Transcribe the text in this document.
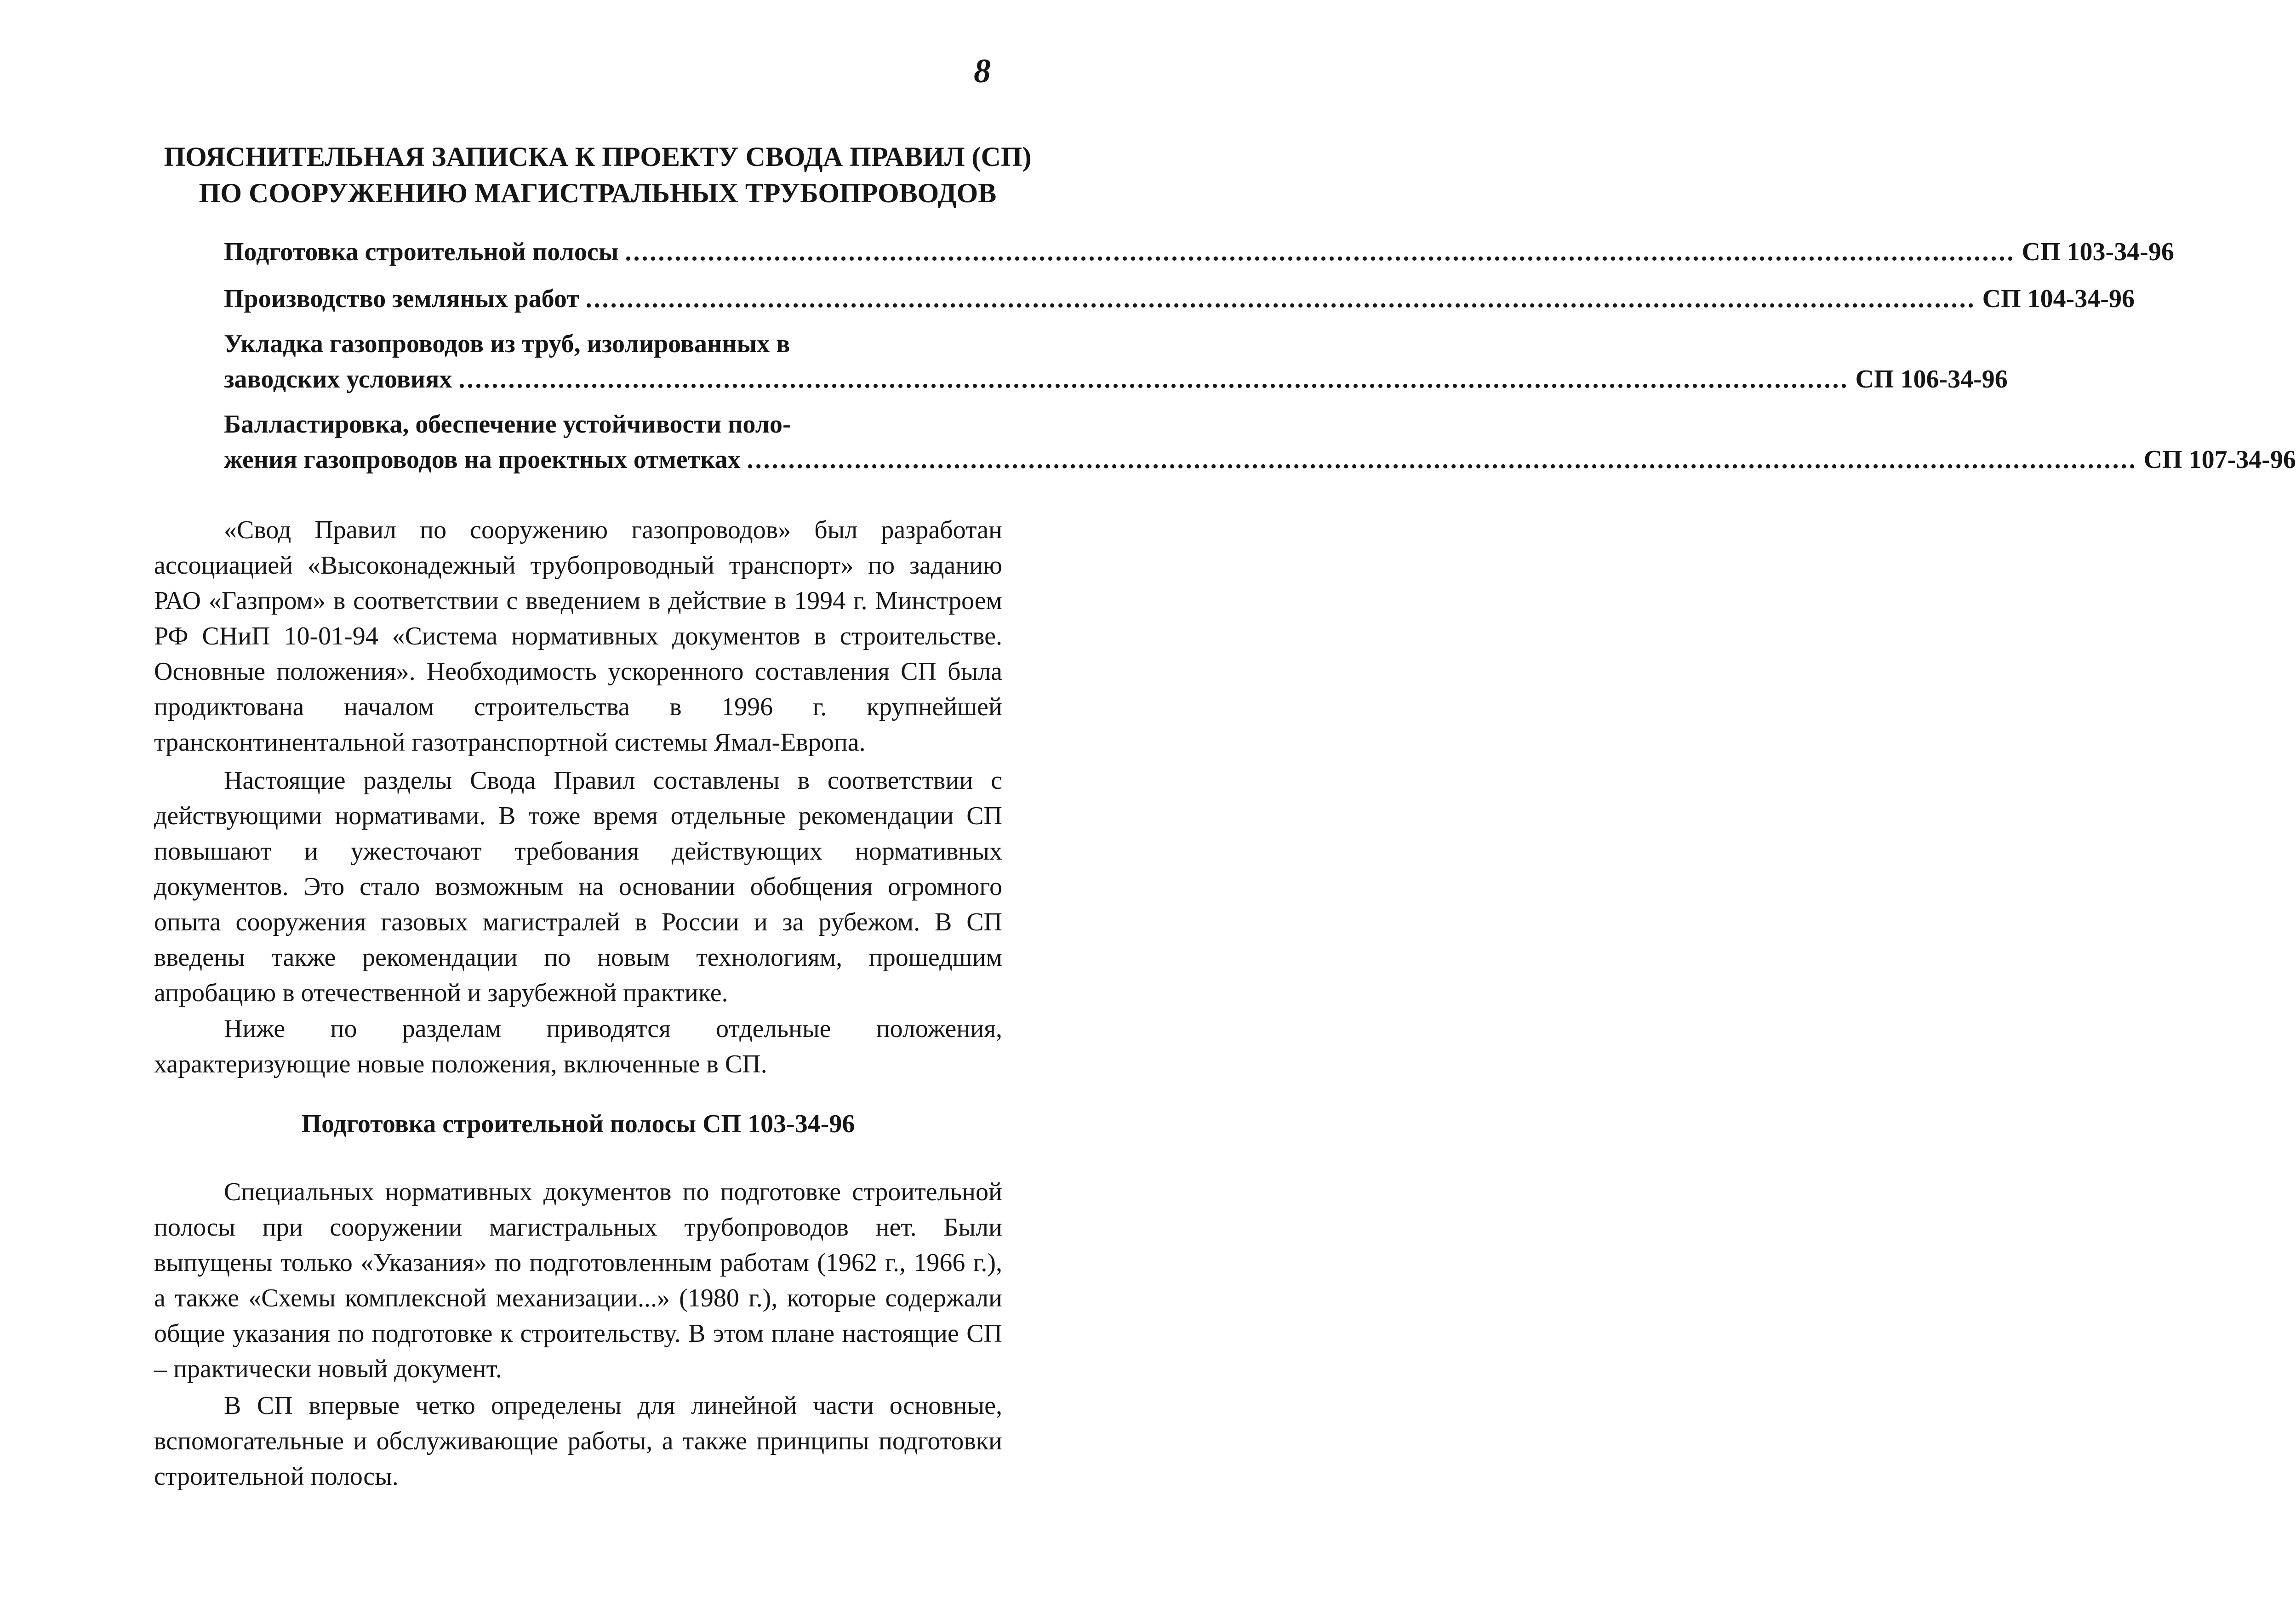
8
ПОЯСНИТЕЛЬНАЯ ЗАПИСКА К ПРОЕКТУ СВОДА ПРАВИЛ (СП)
ПО СООРУЖЕНИЮ МАГИСТРАЛЬНЫХ ТРУБОПРОВОДОВ
Подготовка строительной полосы ........................................................................................................................................................................ СП 103-34-96
Производство земляных работ ........................................................................................................................................................................ СП 104-34-96
Укладка газопроводов из труб, изолированных в
заводских условиях ........................................................................................................................................................................ СП 106-34-96
Балластировка, обеспечение устойчивости поло-
жения газопроводов на проектных отметках ........................................................................................................................................................................ СП 107-34-96
«Свод Правил по сооружению газопроводов» был разработан ассоциацией «Высоконадежный трубопроводный транспорт» по заданию РАО «Газпром» в соответствии с введением в действие в 1994 г. Минстроем РФ СНиП 10-01-94 «Система нормативных документов в строительстве. Основные положения». Необходимость ускоренного составления СП была продиктована началом строительства в 1996 г. крупнейшей трансконтинентальной газотранспортной системы Ямал-Европа.
Настоящие разделы Свода Правил составлены в соответствии с действующими нормативами. В тоже время отдельные рекомендации СП повышают и ужесточают требования действующих нормативных документов. Это стало возможным на основании обобщения огромного опыта сооружения газовых магистралей в России и за рубежом. В СП введены также рекомендации по новым технологиям, прошедшим апробацию в отечественной и зарубежной практике.
Ниже по разделам приводятся отдельные положения, характеризующие новые положения, включенные в СП.
Подготовка строительной полосы СП 103-34-96
Специальных нормативных документов по подготовке строительной полосы при сооружении магистральных трубопроводов нет. Были выпущены только «Указания» по подготовленным работам (1962 г., 1966 г.), а также «Схемы комплексной механизации...» (1980 г.), которые содержали общие указания по подготовке к строительству. В этом плане настоящие СП – практически новый документ.
В СП впервые четко определены для линейной части основные, вспомогательные и обслуживающие работы, а также принципы подготовки строительной полосы.
